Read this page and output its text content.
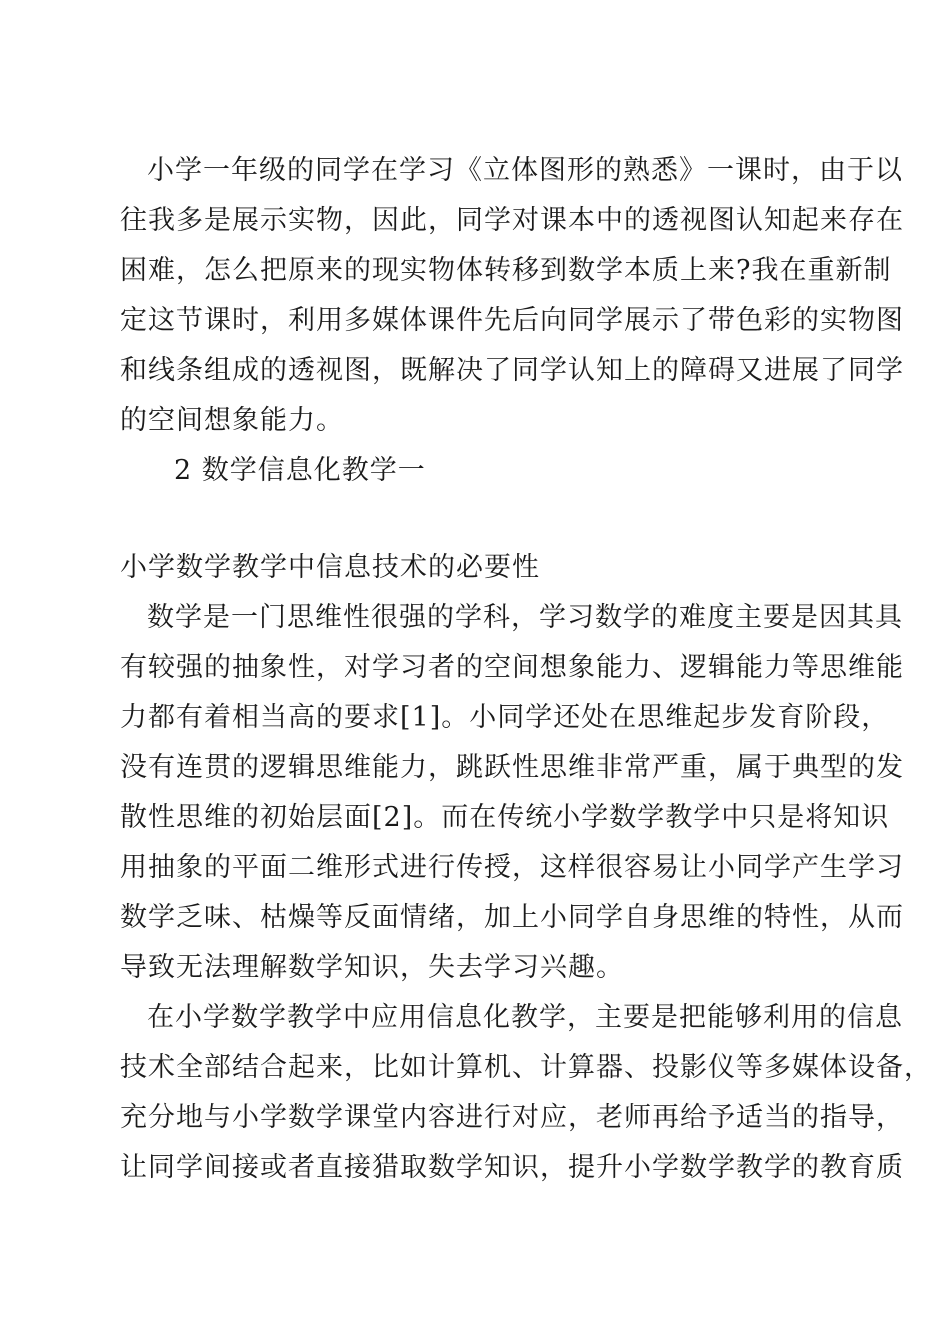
小学一年级的同学在学习《立体图形的熟悉》一课时，由于以
往我多是展示实物，因此，同学对课本中的透视图认知起来存在
困难，怎么把原来的现实物体转移到数学本质上来?我在重新制
定这节课时，利用多媒体课件先后向同学展示了带色彩的实物图
和线条组成的透视图，既解决了同学认知上的障碍又进展了同学
的空间想象能力。
2 数学信息化教学一
小学数学教学中信息技术的必要性
数学是一门思维性很强的学科，学习数学的难度主要是因其具
有较强的抽象性，对学习者的空间想象能力、逻辑能力等思维能
力都有着相当高的要求[1]。小同学还处在思维起步发育阶段，
没有连贯的逻辑思维能力，跳跃性思维非常严重，属于典型的发
散性思维的初始层面[2]。而在传统小学数学教学中只是将知识
用抽象的平面二维形式进行传授，这样很容易让小同学产生学习
数学乏味、枯燥等反面情绪，加上小同学自身思维的特性，从而
导致无法理解数学知识，失去学习兴趣。
在小学数学教学中应用信息化教学，主要是把能够利用的信息
技术全部结合起来，比如计算机、计算器、投影仪等多媒体设备，
充分地与小学数学课堂内容进行对应，老师再给予适当的指导，
让同学间接或者直接猎取数学知识，提升小学数学教学的教育质
